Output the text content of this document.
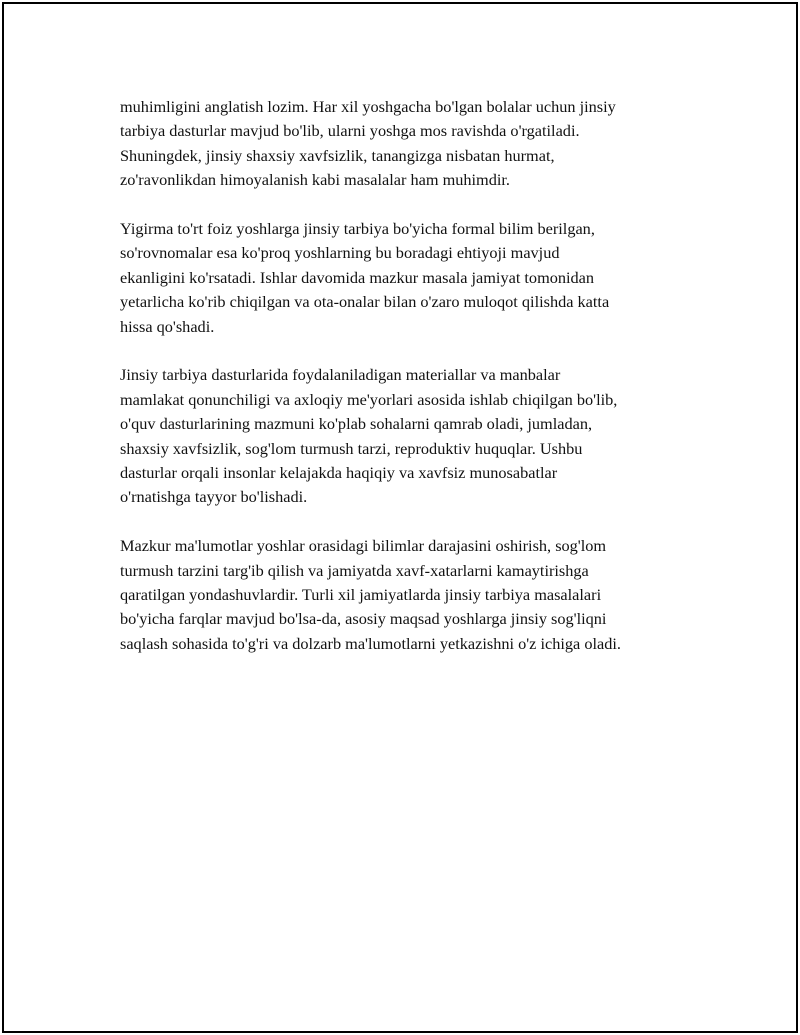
muhimligini anglatish lozim. Har xil yoshgacha bo'lgan bolalar uchun jinsiy
tarbiya dasturlar mavjud bo'lib, ularni yoshga mos ravishda o'rgatiladi.
Shuningdek, jinsiy shaxsiy xavfsizlik, tanangizga nisbatan hurmat,
zo'ravonlikdan himoyalanish kabi masalalar ham muhimdir.

Yigirma to'rt foiz yoshlarga jinsiy tarbiya bo'yicha formal bilim berilgan,
so'rovnomalar esa ko'proq yoshlarning bu boradagi ehtiyoji mavjud
ekanligini ko'rsatadi. Ishlar davomida mazkur masala jamiyat tomonidan
yetarlicha ko'rib chiqilgan va ota-onalar bilan o'zaro muloqot qilishda katta
hissa qo'shadi.

Jinsiy tarbiya dasturlarida foydalaniladigan materiallar va manbalar
mamlakat qonunchiligi va axloqiy me'yorlari asosida ishlab chiqilgan bo'lib,
o'quv dasturlarining mazmuni ko'plab sohalarni qamrab oladi, jumladan,
shaxsiy xavfsizlik, sog'lom turmush tarzi, reproduktiv huquqlar. Ushbu
dasturlar orqali insonlar kelajakda haqiqiy va xavfsiz munosabatlar
o'rnatishga tayyor bo'lishadi.

Mazkur ma'lumotlar yoshlar orasidagi bilimlar darajasini oshirish, sog'lom
turmush tarzini targ'ib qilish va jamiyatda xavf-xatarlarni kamaytirishga
qaratilgan yondashuvlardir. Turli xil jamiyatlarda jinsiy tarbiya masalalari
bo'yicha farqlar mavjud bo'lsa-da, asosiy maqsad yoshlarga jinsiy sog'liqni
saqlash sohasida to'g'ri va dolzarb ma'lumotlarni yetkazishni o'z ichiga oladi.
